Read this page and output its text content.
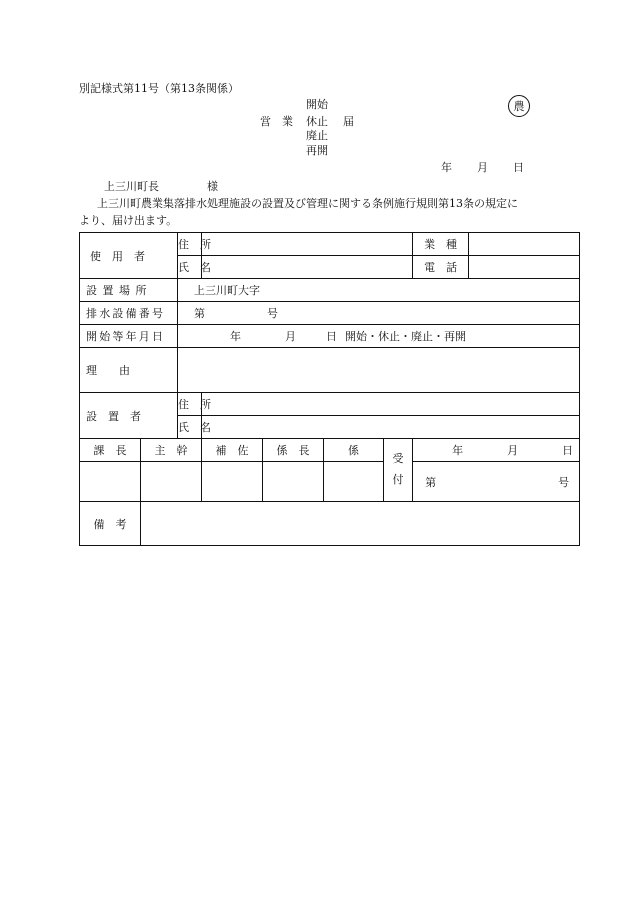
別記様式第11号（第13条関係）
開始
営　業 休止 届
廃止
再開
農
年 月 日
上三川町長	様
上三川町農業集落排水処理施設の設置及び管理に関する条例施行規則第13条の規定に
より、届け出ます。
使　用　者		住　所					業　種	
		氏　名					電　話	
設置場所		上三川町大字						
排水設備番号		第 号						
開始等年月日		年 月 日 開始・休止・廃止・再開						
理　　由								
設　置　者		住　所						
		氏　名						
課　長	主　幹		補　佐	係　長	係	受付	年 月 日	

							第 号	

備　考								
